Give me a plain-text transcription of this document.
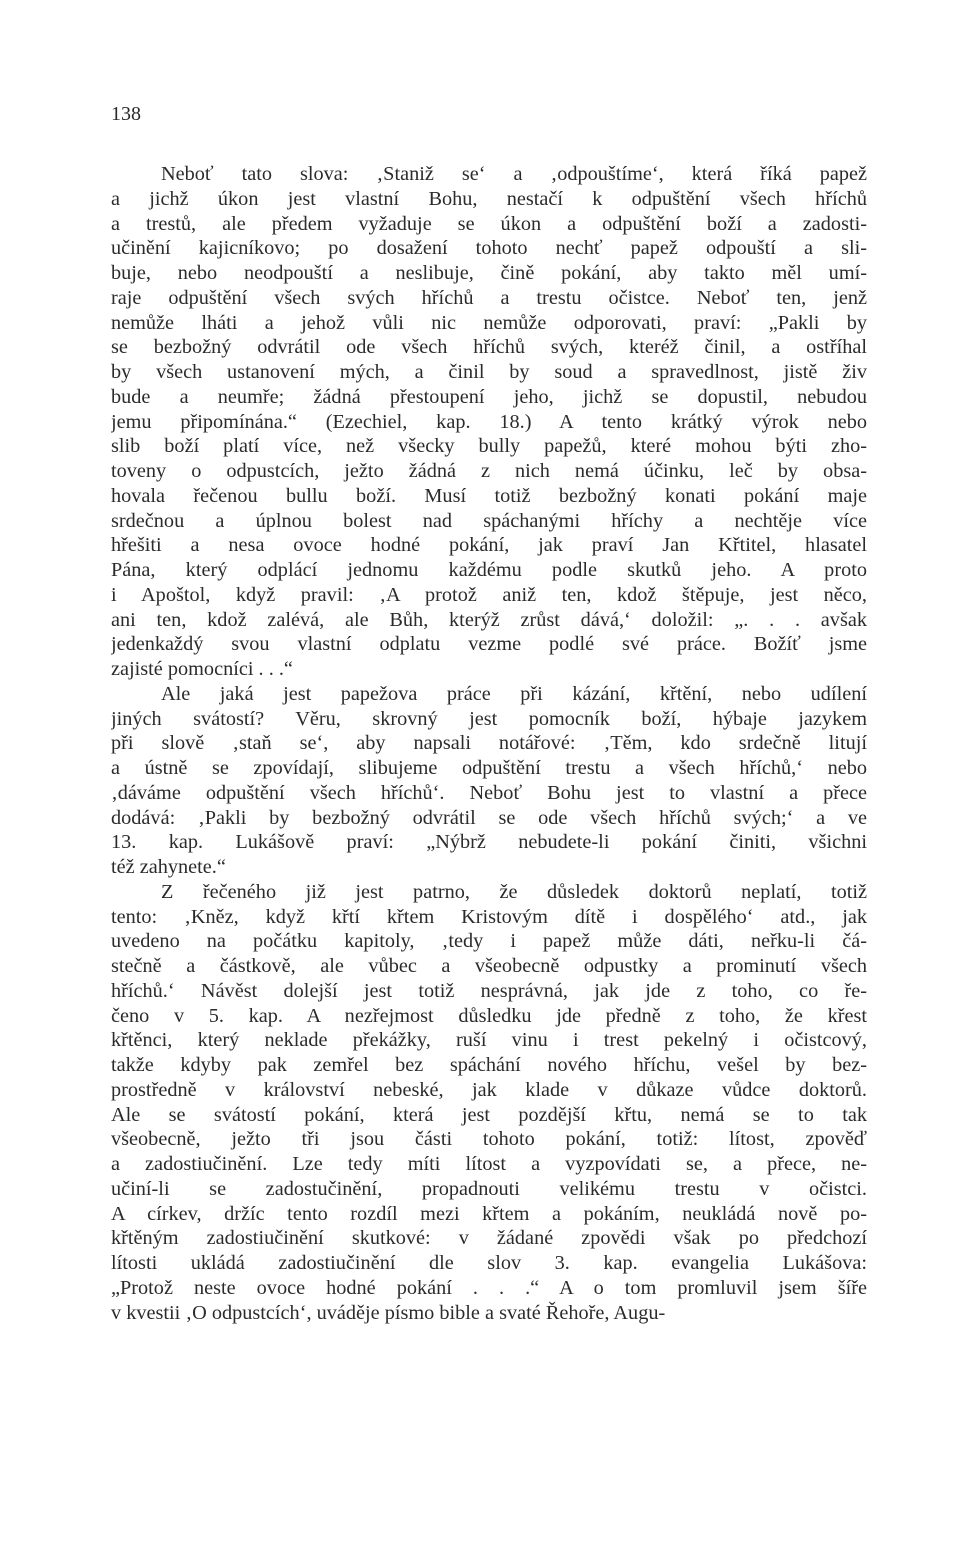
138

Neboť tato slova: ‚Staniž se‘ a ‚odpouštíme‘, která říká papež
a jichž úkon jest vlastní Bohu, nestačí k odpuštění všech hříchů
a trestů, ale předem vyžaduje se úkon a odpuštění boží a zadosti-
učinění kajicníkovo; po dosažení tohoto nechť papež odpouští a sli-
buje, nebo neodpouští a neslibuje, čině pokání, aby takto měl umí-
raje odpuštění všech svých hříchů a trestu očistce. Neboť ten, jenž
nemůže lháti a jehož vůli nic nemůže odporovati, praví: „Pakli by
se bezbožný odvrátil ode všech hříchů svých, kteréž činil, a ostříhal
by všech ustanovení mých, a činil by soud a spravedlnost, jistě živ
bude a neumře; žádná přestoupení jeho, jichž se dopustil, nebudou
jemu připomínána.“ (Ezechiel, kap. 18.) A tento krátký výrok nebo
slib boží platí více, než všecky bully papežů, které mohou býti zho-
toveny o odpustcích, ježto žádná z nich nemá účinku, leč by obsa-
hovala řečenou bullu boží. Musí totiž bezbožný konati pokání maje
srdečnou a úplnou bolest nad spáchanými hříchy a nechtěje více
hřešiti a nesa ovoce hodné pokání, jak praví Jan Křtitel, hlasatel
Pána, který odplácí jednomu každému podle skutků jeho. A proto
i Apoštol, když pravil: ‚A protož aniž ten, kdož štěpuje, jest něco,
ani ten, kdož zalévá, ale Bůh, kterýž zrůst dává,‘ doložil: „. . . avšak
jedenkaždý svou vlastní odplatu vezme podlé své práce. Božíť jsme
zajisté pomocníci . . .“
Ale jaká jest papežova práce při kázání, křtění, nebo udílení
jiných svátostí? Věru, skrovný jest pomocník boží, hýbaje jazykem
při slově ‚staň se‘, aby napsali notářové: ‚Těm, kdo srdečně litují
a ústně se zpovídají, slibujeme odpuštění trestu a všech hříchů,‘ nebo
‚dáváme odpuštění všech hříchů‘. Neboť Bohu jest to vlastní a přece
dodává: ‚Pakli by bezbožný odvrátil se ode všech hříchů svých;‘ a ve
13. kap. Lukášově praví: „Nýbrž nebudete-li pokání činiti, všichni
též zahynete.“
Z řečeného již jest patrno, že důsledek doktorů neplatí, totiž
tento: ‚Kněz, když křtí křtem Kristovým dítě i dospělého‘ atd., jak
uvedeno na počátku kapitoly, ‚tedy i papež může dáti, neřku-li čá-
stečně a částkově, ale vůbec a všeobecně odpustky a prominutí všech
hříchů.‘ Návěst dolejší jest totiž nesprávná, jak jde z toho, co ře-
čeno v 5. kap. A nezřejmost důsledku jde předně z toho, že křest
křtěnci, který neklade překážky, ruší vinu i trest pekelný i očistcový,
takže kdyby pak zemřel bez spáchání nového hříchu, vešel by bez-
prostředně v království nebeské, jak klade v důkaze vůdce doktorů.
Ale se svátostí pokání, která jest pozdější křtu, nemá se to tak
všeobecně, ježto tři jsou části tohoto pokání, totiž: lítost, zpověď
a zadostiučinění. Lze tedy míti lítost a vyzpovídati se, a přece, ne-
učiní-li se zadostučinění, propadnouti velikému trestu v očistci.
A církev, držíc tento rozdíl mezi křtem a pokáním, neukládá nově po-
křtěným zadostiučinění skutkové: v žádané zpovědi však po předchozí
lítosti ukládá zadostiučinění dle slov 3. kap. evangelia Lukášova:
„Protož neste ovoce hodné pokání . . .“ A o tom promluvil jsem šíře
v kvestii ‚O odpustcích‘, uváděje písmo bible a svaté Řehoře, Augu-
